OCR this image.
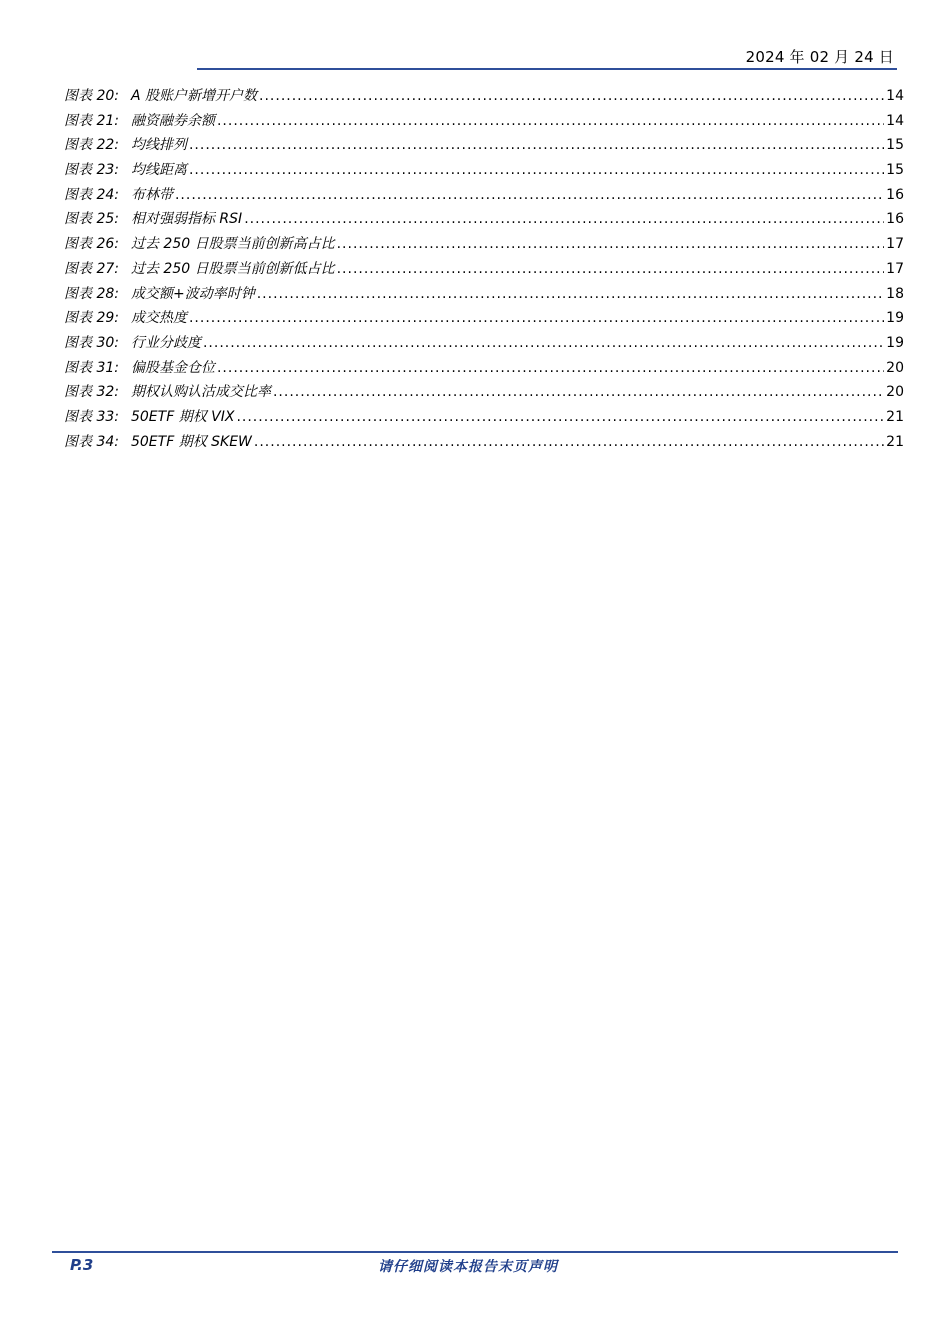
2024 年 02 月 24 日
图表 20: A 股账户新增开户数 .....	14
图表 21: 融资融券余额 .....	14
图表 22: 均线排列 .....	15
图表 23: 均线距离 .....	15
图表 24: 布林带 .....	16
图表 25: 相对强弱指标 RSI .....	16
图表 26: 过去 250 日股票当前创新高占比 .....	17
图表 27: 过去 250 日股票当前创新低占比 .....	17
图表 28: 成交额+波动率时钟 .....	18
图表 29: 成交热度 .....	19
图表 30: 行业分歧度 .....	19
图表 31: 偏股基金仓位 .....	20
图表 32: 期权认购认沽成交比率 .....	20
图表 33: 50ETF 期权 VIX .....	21
图表 34: 50ETF 期权 SKEW .....	21
P.3	请仔细阅读本报告末页声明
